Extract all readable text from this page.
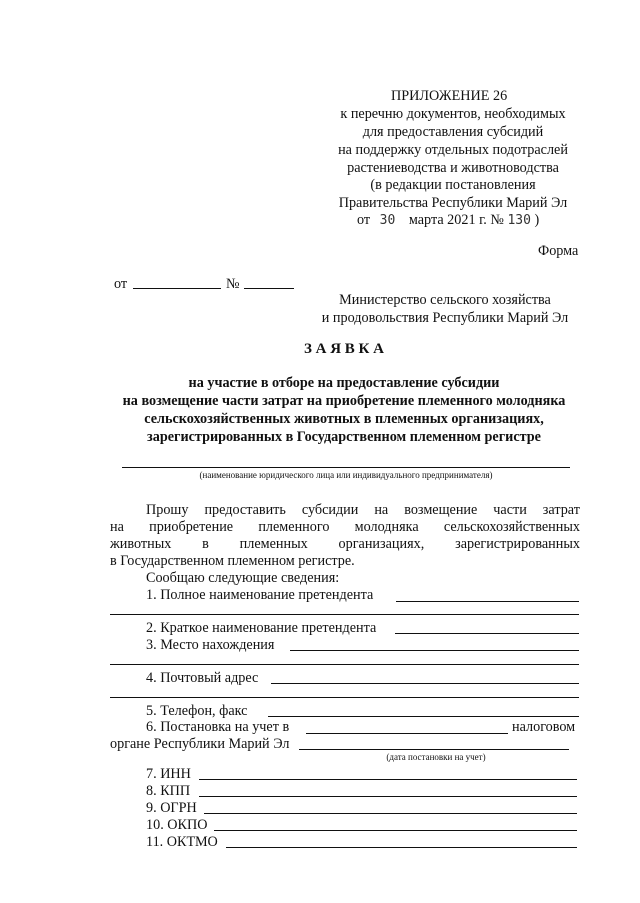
ПРИЛОЖЕНИЕ 26
к перечню документов, необходимых
для предоставления субсидий
на поддержку отдельных подотраслей
растениеводства и животноводства
(в редакции постановления
Правительства Республики Марий Эл
от 30 марта 2021 г. № 130 )
Форма
от	№
Министерство сельского хозяйства
и продовольствия Республики Марий Эл
З А Я В К А
на участие в отборе на предоставление субсидии
на возмещение части затрат на приобретение племенного молодняка
сельскохозяйственных животных в племенных организациях,
зарегистрированных в Государственном племенном регистре
(наименование юридического лица или индивидуального предпринимателя)
Прошу предоставить субсидии на возмещение части затрат
на приобретение племенного молодняка сельскохозяйственных
животных в племенных организациях, зарегистрированных
в Государственном племенном регистре.
Сообщаю следующие сведения:
1. Полное наименование претендента
2. Краткое наименование претендента
3. Место нахождения
4. Почтовый адрес
5. Телефон, факс
6. Постановка на учет в	налоговом
органе Республики Марий Эл
(дата постановки на учет)
7. ИНН
8. КПП
9. ОГРН
10. ОКПО
11. ОКТМО
